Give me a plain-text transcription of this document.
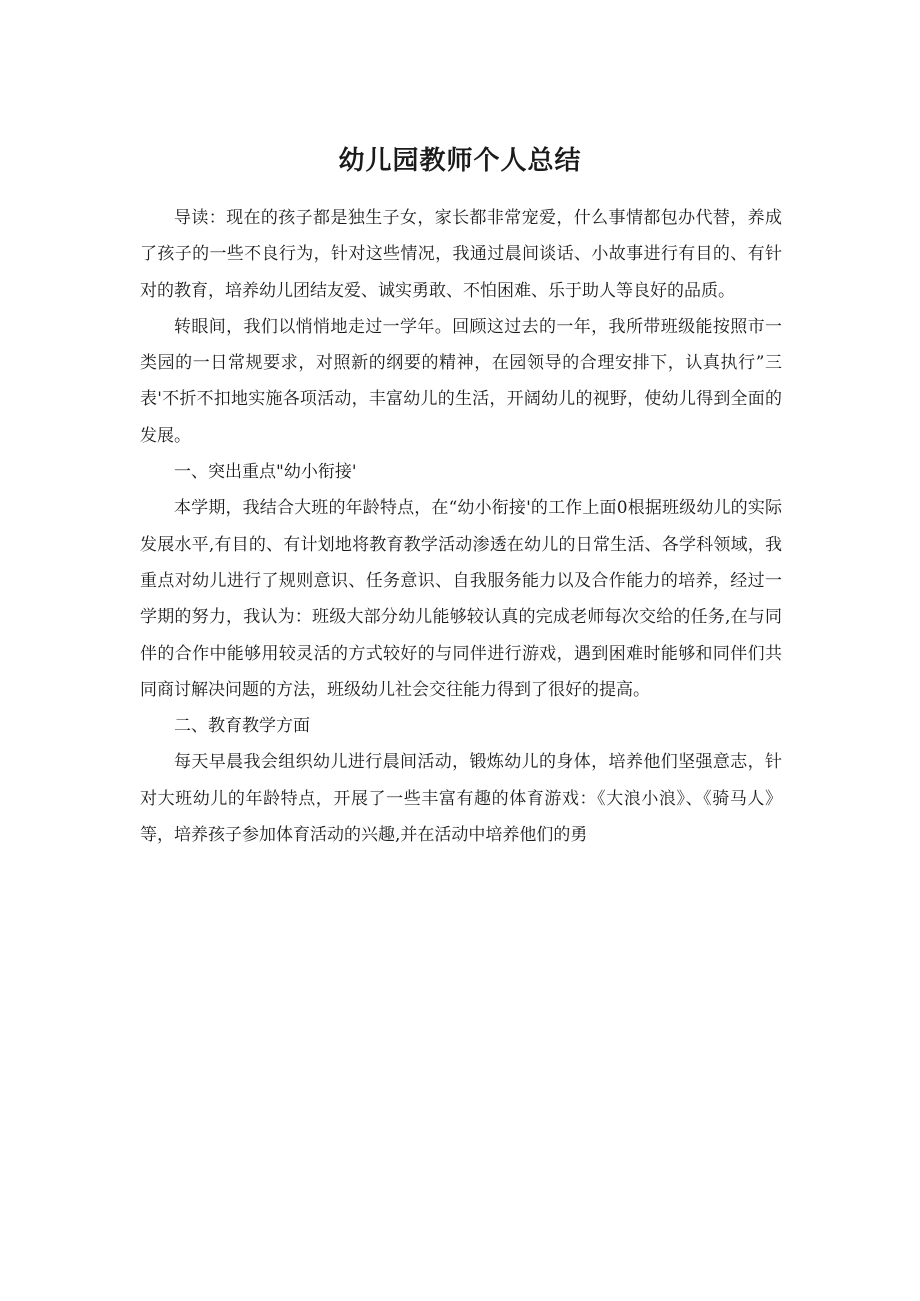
幼儿园教师个人总结

导读：现在的孩子都是独生子女，家长都非常宠爱，什么事情都包办代替，养成了孩子的一些不良行为，针对这些情况，我通过晨间谈话、小故事进行有目的、有针对的教育，培养幼儿团结友爱、诚实勇敢、不怕困难、乐于助人等良好的品质。

转眼间，我们以悄悄地走过一学年。回顾这过去的一年，我所带班级能按照市一类园的一日常规要求，对照新的纲要的精神，在园领导的合理安排下，认真执行”三表'不折不扣地实施各项活动，丰富幼儿的生活，开阔幼儿的视野，使幼儿得到全面的发展。

一、突出重点"幼小衔接'

本学期，我结合大班的年龄特点，在“幼小衔接'的工作上面0根据班级幼儿的实际发展水平,有目的、有计划地将教育教学活动渗透在幼儿的日常生活、各学科领域，我重点对幼儿进行了规则意识、任务意识、自我服务能力以及合作能力的培养，经过一学期的努力，我认为：班级大部分幼儿能够较认真的完成老师每次交给的任务,在与同伴的合作中能够用较灵活的方式较好的与同伴进行游戏，遇到困难时能够和同伴们共同商讨解决问题的方法，班级幼儿社会交往能力得到了很好的提高。

二、教育教学方面

每天早晨我会组织幼儿进行晨间活动，锻炼幼儿的身体，培养他们坚强意志，针对大班幼儿的年龄特点，开展了一些丰富有趣的体育游戏：《大浪小浪》、《骑马人》等，培养孩子参加体育活动的兴趣,并在活动中培养他们的勇
